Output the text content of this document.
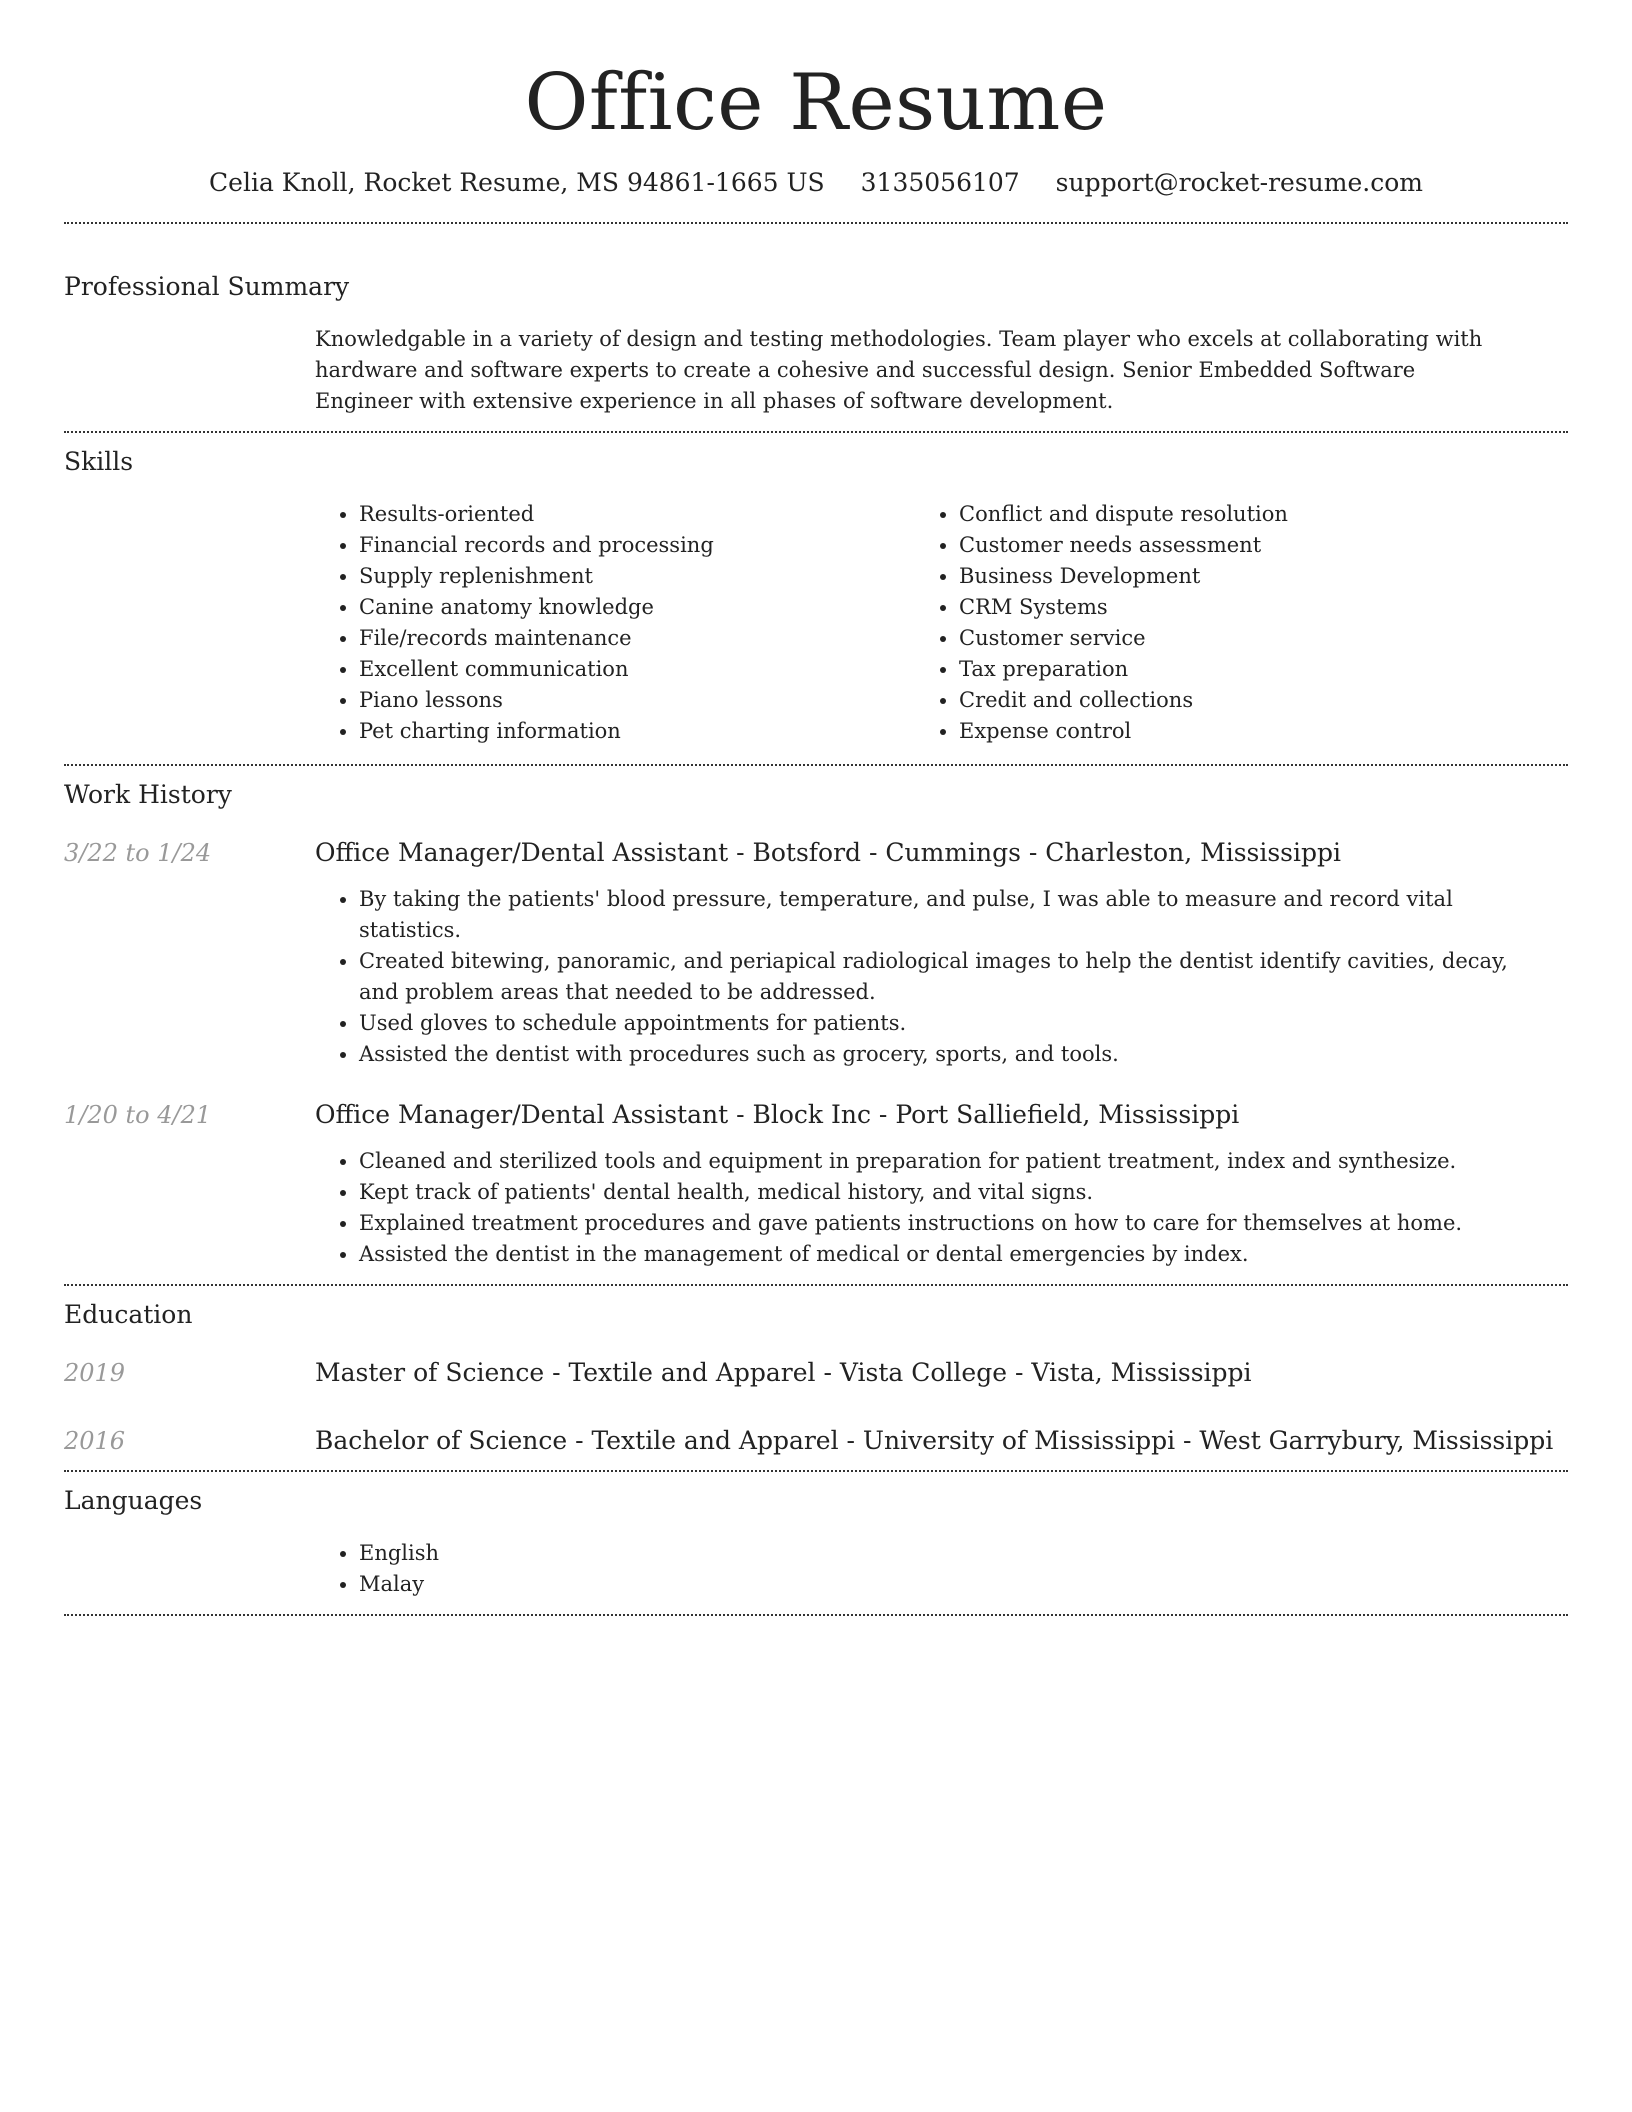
Office Resume
Celia Knoll, Rocket Resume, MS 94861-1665 US 3135056107 support@rocket-resume.com
Professional Summary
Knowledgable in a variety of design and testing methodologies. Team player who excels at collaborating with hardware and software experts to create a cohesive and successful design. Senior Embedded Software Engineer with extensive experience in all phases of software development.
Skills
• Results-oriented
• Financial records and processing
• Supply replenishment
• Canine anatomy knowledge
• File/records maintenance
• Excellent communication
• Piano lessons
• Pet charting information
• Conflict and dispute resolution
• Customer needs assessment
• Business Development
• CRM Systems
• Customer service
• Tax preparation
• Credit and collections
• Expense control
Work History
3/22 to 1/24	Office Manager/Dental Assistant - Botsford - Cummings - Charleston, Mississippi
• By taking the patients' blood pressure, temperature, and pulse, I was able to measure and record vital statistics.
• Created bitewing, panoramic, and periapical radiological images to help the dentist identify cavities, decay, and problem areas that needed to be addressed.
• Used gloves to schedule appointments for patients.
• Assisted the dentist with procedures such as grocery, sports, and tools.
1/20 to 4/21	Office Manager/Dental Assistant - Block Inc - Port Salliefield, Mississippi
• Cleaned and sterilized tools and equipment in preparation for patient treatment, index and synthesize.
• Kept track of patients' dental health, medical history, and vital signs.
• Explained treatment procedures and gave patients instructions on how to care for themselves at home.
• Assisted the dentist in the management of medical or dental emergencies by index.
Education
2019	Master of Science - Textile and Apparel - Vista College - Vista, Mississippi
2016	Bachelor of Science - Textile and Apparel - University of Mississippi - West Garrybury, Mississippi
Languages
• English
• Malay
